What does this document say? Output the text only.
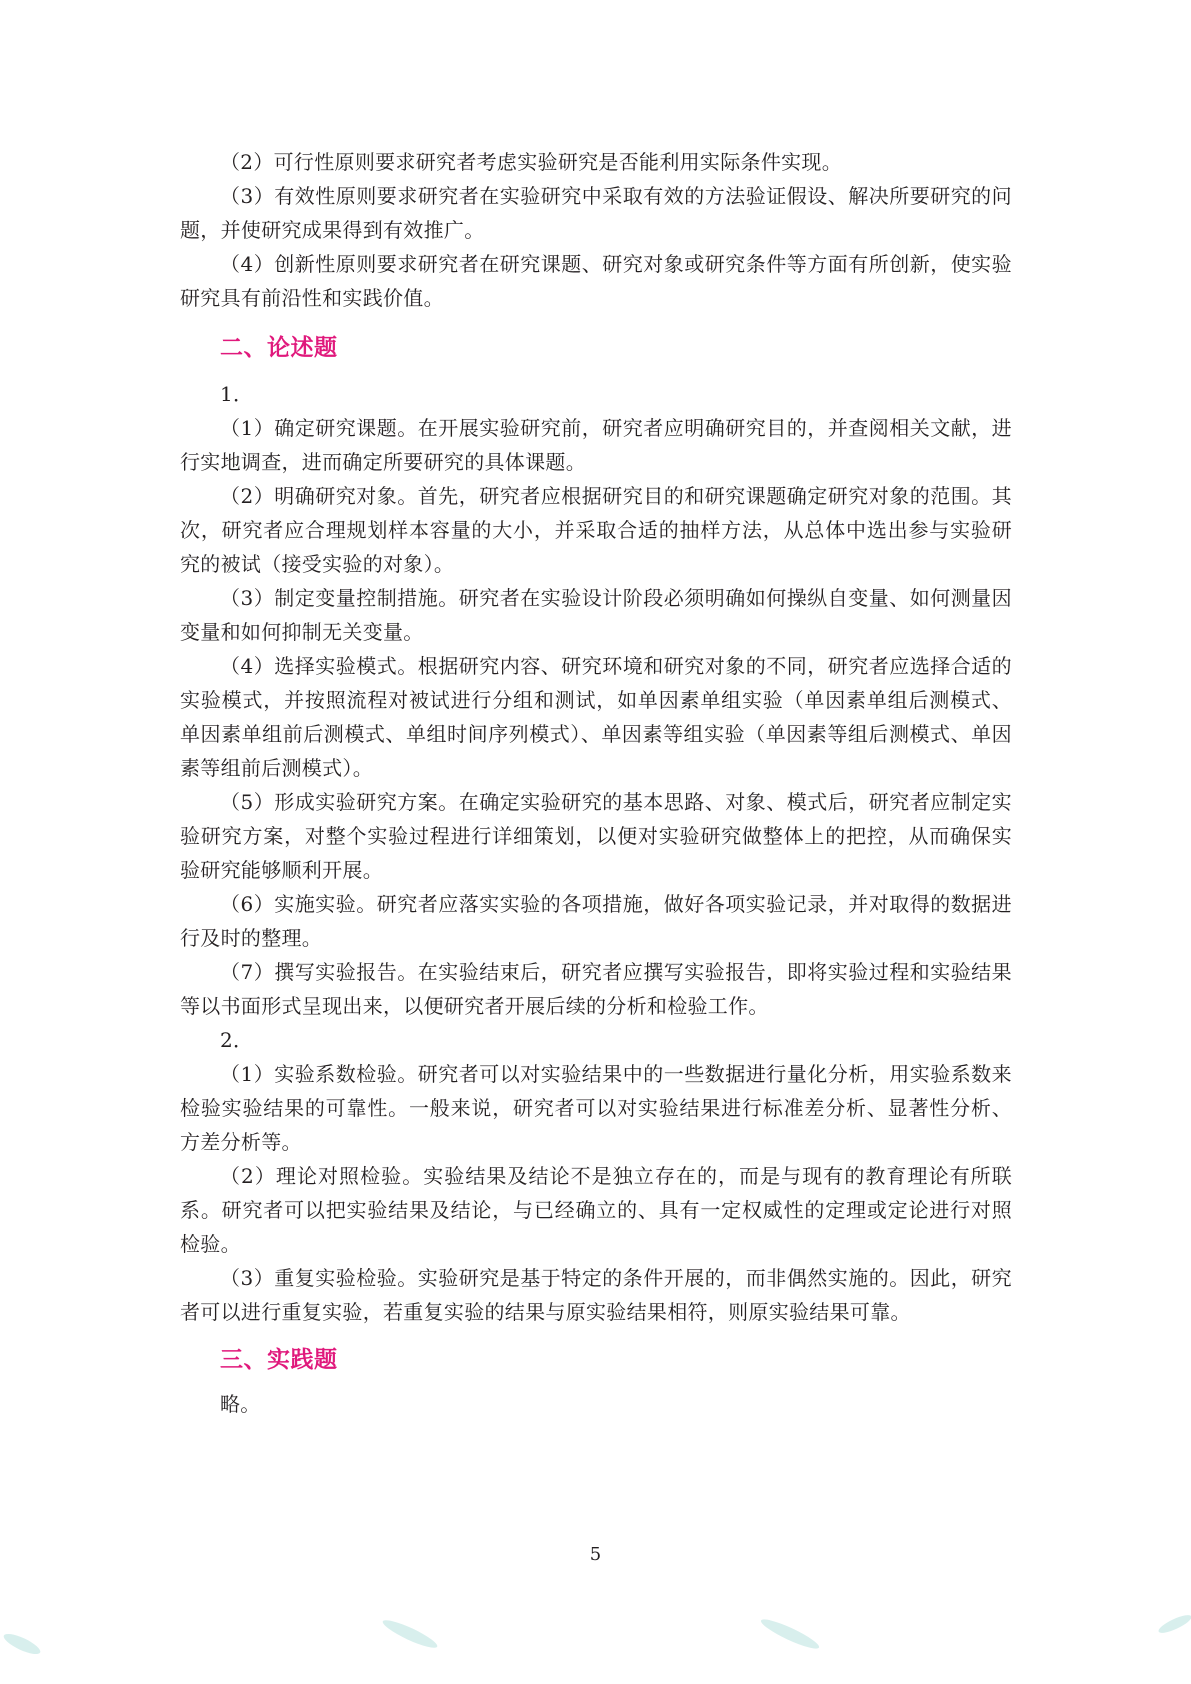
（2）可行性原则要求研究者考虑实验研究是否能利用实际条件实现。

（3）有效性原则要求研究者在实验研究中采取有效的方法验证假设、解决所要研究的问题，并使研究成果得到有效推广。

（4）创新性原则要求研究者在研究课题、研究对象或研究条件等方面有所创新，使实验研究具有前沿性和实践价值。

二、论述题

1．

（1）确定研究课题。在开展实验研究前，研究者应明确研究目的，并查阅相关文献，进行实地调查，进而确定所要研究的具体课题。

（2）明确研究对象。首先，研究者应根据研究目的和研究课题确定研究对象的范围。其次，研究者应合理规划样本容量的大小，并采取合适的抽样方法，从总体中选出参与实验研究的被试（接受实验的对象）。

（3）制定变量控制措施。研究者在实验设计阶段必须明确如何操纵自变量、如何测量因变量和如何抑制无关变量。

（4）选择实验模式。根据研究内容、研究环境和研究对象的不同，研究者应选择合适的实验模式，并按照流程对被试进行分组和测试，如单因素单组实验（单因素单组后测模式、单因素单组前后测模式、单组时间序列模式）、单因素等组实验（单因素等组后测模式、单因素等组前后测模式）。

（5）形成实验研究方案。在确定实验研究的基本思路、对象、模式后，研究者应制定实验研究方案，对整个实验过程进行详细策划，以便对实验研究做整体上的把控，从而确保实验研究能够顺利开展。

（6）实施实验。研究者应落实实验的各项措施，做好各项实验记录，并对取得的数据进行及时的整理。

（7）撰写实验报告。在实验结束后，研究者应撰写实验报告，即将实验过程和实验结果等以书面形式呈现出来，以便研究者开展后续的分析和检验工作。

2．

（1）实验系数检验。研究者可以对实验结果中的一些数据进行量化分析，用实验系数来检验实验结果的可靠性。一般来说，研究者可以对实验结果进行标准差分析、显著性分析、方差分析等。

（2）理论对照检验。实验结果及结论不是独立存在的，而是与现有的教育理论有所联系。研究者可以把实验结果及结论，与已经确立的、具有一定权威性的定理或定论进行对照检验。

（3）重复实验检验。实验研究是基于特定的条件开展的，而非偶然实施的。因此，研究者可以进行重复实验，若重复实验的结果与原实验结果相符，则原实验结果可靠。

三、实践题

略。

5
